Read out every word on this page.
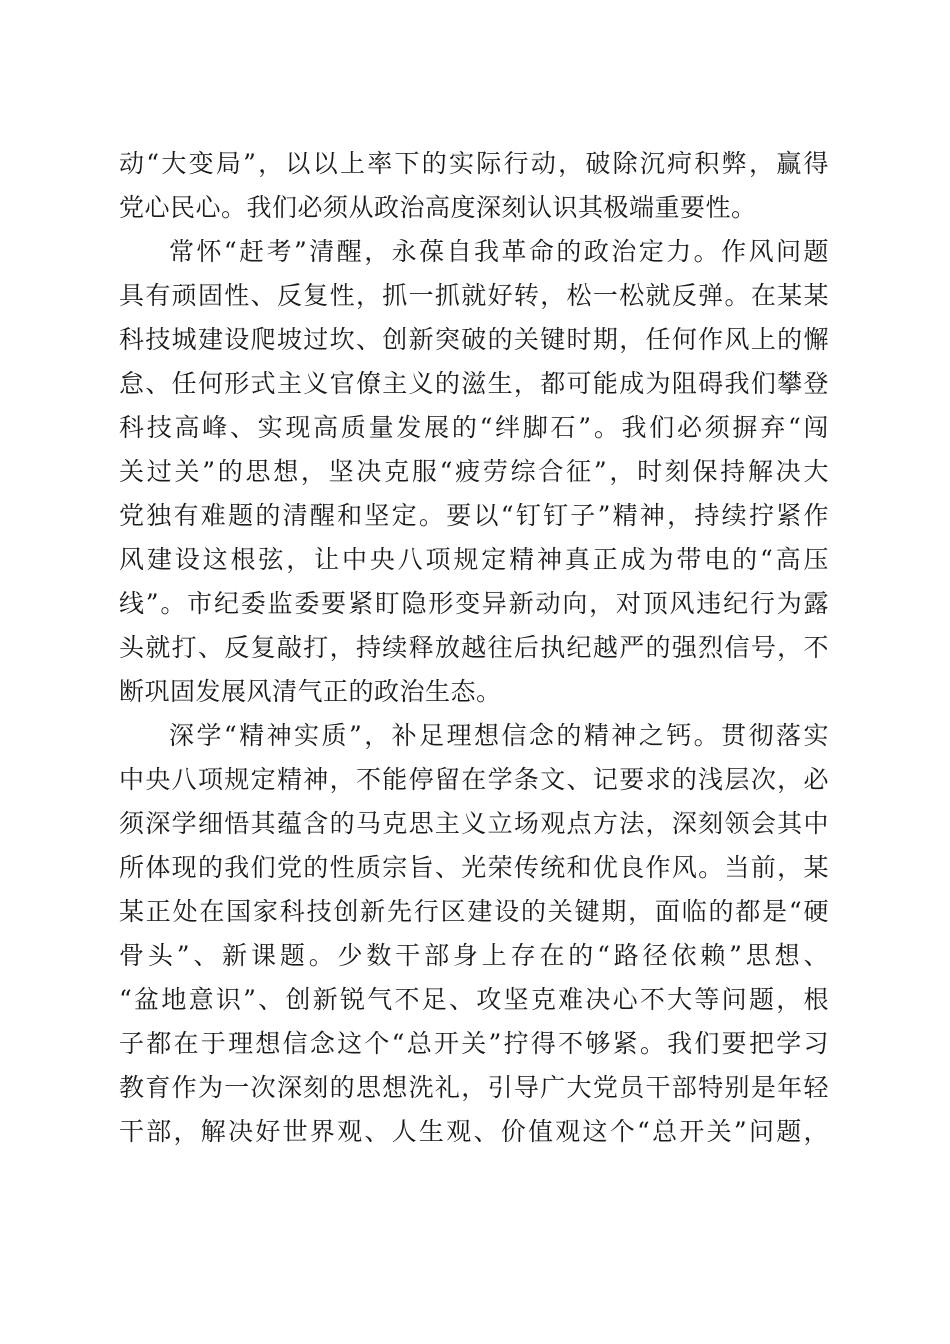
动“大变局”，以以上率下的实际行动，破除沉疴积弊，赢得
党心民心。我们必须从政治高度深刻认识其极端重要性。

常怀“赶考”清醒，永葆自我革命的政治定力。作风问题
具有顽固性、反复性，抓一抓就好转，松一松就反弹。在某某
科技城建设爬坡过坎、创新突破的关键时期，任何作风上的懈
怠、任何形式主义官僚主义的滋生，都可能成为阻碍我们攀登
科技高峰、实现高质量发展的“绊脚石”。我们必须摒弃“闯
关过关”的思想，坚决克服“疲劳综合征”，时刻保持解决大
党独有难题的清醒和坚定。要以“钉钉子”精神，持续拧紧作
风建设这根弦，让中央八项规定精神真正成为带电的“高压
线”。市纪委监委要紧盯隐形变异新动向，对顶风违纪行为露
头就打、反复敲打，持续释放越往后执纪越严的强烈信号，不
断巩固发展风清气正的政治生态。

深学“精神实质”，补足理想信念的精神之钙。贯彻落实
中央八项规定精神，不能停留在学条文、记要求的浅层次，必
须深学细悟其蕴含的马克思主义立场观点方法，深刻领会其中
所体现的我们党的性质宗旨、光荣传统和优良作风。当前，某
某正处在国家科技创新先行区建设的关键期，面临的都是“硬
骨头”、新课题。少数干部身上存在的“路径依赖”思想、
“盆地意识”、创新锐气不足、攻坚克难决心不大等问题，根
子都在于理想信念这个“总开关”拧得不够紧。我们要把学习
教育作为一次深刻的思想洗礼，引导广大党员干部特别是年轻
干部，解决好世界观、人生观、价值观这个“总开关”问题，
